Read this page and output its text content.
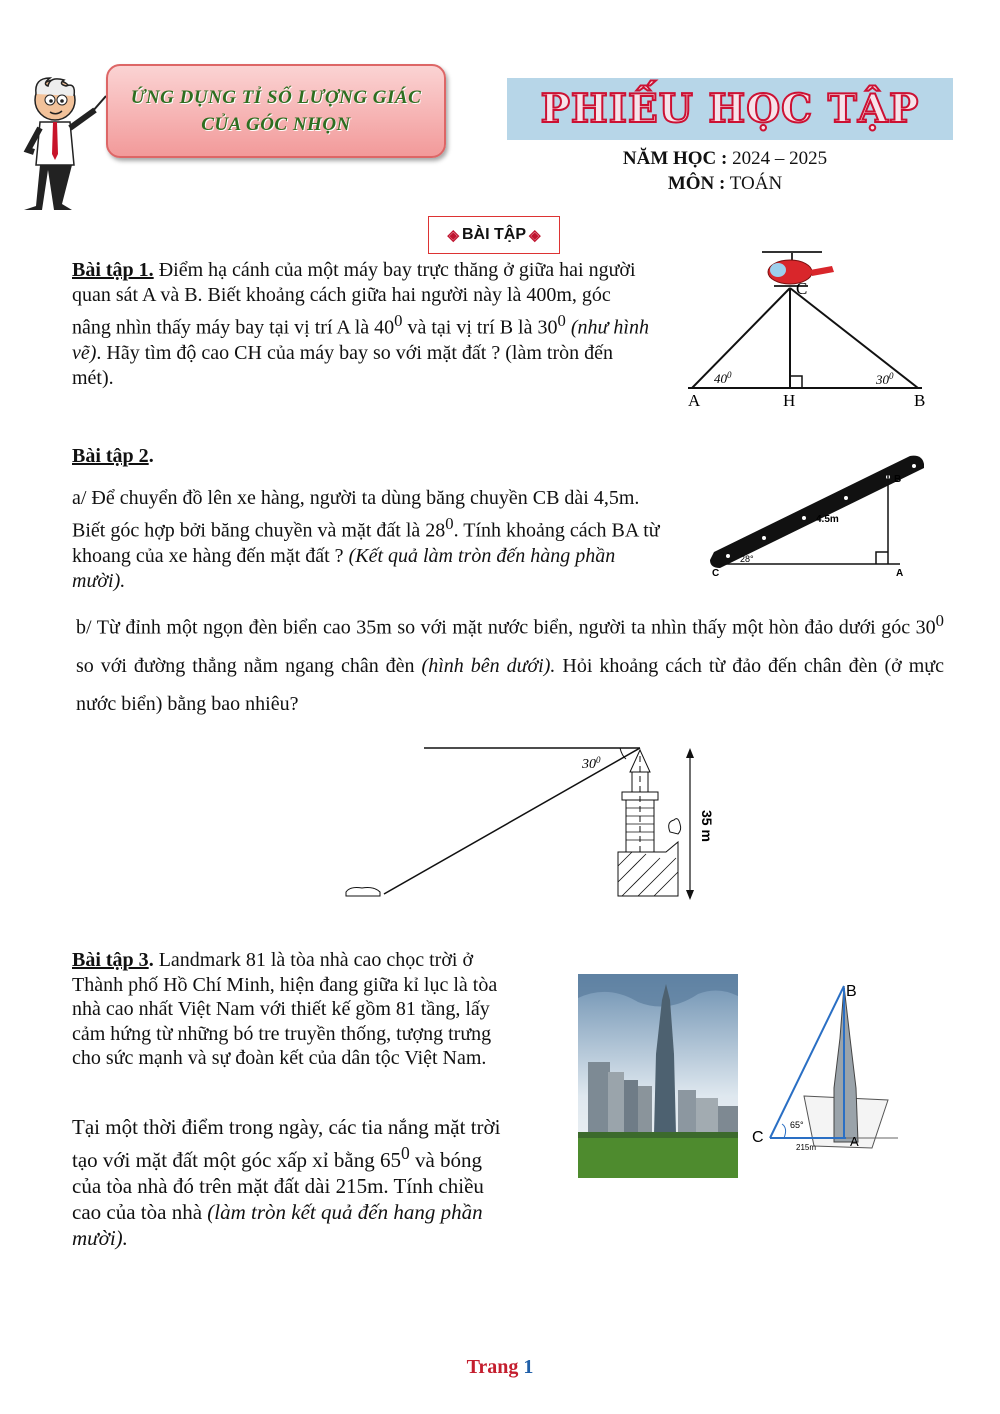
ỨNG DỤNG TỈ SỐ LƯỢNG GIÁC
CỦA GÓC NHỌN	PHIẾU HỌC TẬP
NĂM HỌC : 2024 – 2025
MÔN : TOÁN
◈ BÀI TẬP ◈
Bài tập 1. Điểm hạ cánh của một máy bay trực thăng ở giữa hai người quan sát A và B. Biết khoảng cách giữa hai người này là 400m, góc nâng nhìn thấy máy bay tại vị trí A là $40^0$ và tại vị trí B là $30^0$ (như hình vẽ). Hãy tìm độ cao CH của máy bay so với mặt đất ? (làm tròn đến mét).
C
A	H	B
$40^0$	$30^0$
Bài tập 2.
a/ Để chuyển đồ lên xe hàng, người ta dùng băng chuyền CB dài 4,5m. Biết góc hợp bởi băng chuyền và mặt đất là $28^0$. Tính khoảng cách BA từ khoang của xe hàng đến mặt đất ? (Kết quả làm tròn đến hàng phần mười).
B
C	A
4.5m
28°
b/ Từ đỉnh một ngọn đèn biển cao 35m so với mặt nước biển, người ta nhìn thấy một hòn đảo dưới góc $30^0$ so với đường thẳng nằm ngang chân đèn (hình bên dưới). Hỏi khoảng cách từ đảo đến chân đèn (ở mực nước biển) bằng bao nhiêu?
$30^0$
35 m
Bài tập 3. Landmark 81 là tòa nhà cao chọc trời ở Thành phố Hồ Chí Minh, hiện đang giữa kỉ lục là tòa nhà cao nhất Việt Nam với thiết kế gồm 81 tầng, lấy cảm hứng từ những bó tre truyền thống, tượng trưng cho sức mạnh và sự đoàn kết của dân tộc Việt Nam.
Tại một thời điểm trong ngày, các tia nắng mặt trời tạo với mặt đất một góc xấp xỉ bằng $65^0$ và bóng của tòa nhà đó trên mặt đất dài 215m. Tính chiều cao của tòa nhà (làm tròn kết quả đến hang phần mười).
B
C	A
65°
215m
Trang 1
